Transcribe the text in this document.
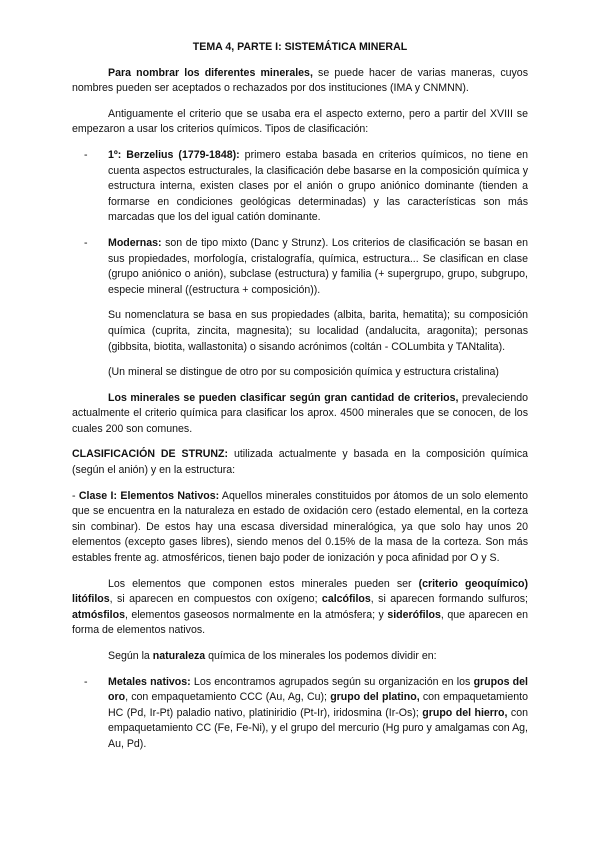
TEMA 4, PARTE I: SISTEMÁTICA MINERAL

Para nombrar los diferentes minerales, se puede hacer de varias maneras, cuyos nombres pueden ser aceptados o rechazados por dos instituciones (IMA y CNMNN).

Antiguamente el criterio que se usaba era el aspecto externo, pero a partir del XVIII se empezaron a usar los criterios químicos. Tipos de clasificación:

- 1º: Berzelius (1779-1848): primero estaba basada en criterios químicos, no tiene en cuenta aspectos estructurales, la clasificación debe basarse en la composición química y estructura interna, existen clases por el anión o grupo aniónico dominante (tienden a formarse en condiciones geológicas determinadas) y las características son más marcadas que los del igual catión dominante.
- Modernas: son de tipo mixto (Danc y Strunz). Los criterios de clasificación se basan en sus propiedades, morfología, cristalografía, química, estructura... Se clasifican en clase (grupo aniónico o anión), subclase (estructura) y familia (+ supergrupo, grupo, subgrupo, especie mineral ((estructura + composición)).

Su nomenclatura se basa en sus propiedades (albita, barita, hematita); su composición química (cuprita, zincita, magnesita); su localidad (andalucita, aragonita); personas (gibbsita, biotita, wallastonita) o sisando acrónimos (coltán - COLumbita y TANtalita).

(Un mineral se distingue de otro por su composición química y estructura cristalina)

Los minerales se pueden clasificar según gran cantidad de criterios, prevaleciendo actualmente el criterio química para clasificar los aprox. 4500 minerales que se conocen, de los cuales 200 son comunes.

CLASIFICACIÓN DE STRUNZ: utilizada actualmente y basada en la composición química (según el anión) y en la estructura:

- Clase I: Elementos Nativos: Aquellos minerales constituidos por átomos de un solo elemento que se encuentra en la naturaleza en estado de oxidación cero (estado elemental, en la corteza sin combinar). De estos hay una escasa diversidad mineralógica, ya que solo hay unos 20 elementos (excepto gases libres), siendo menos del 0.15% de la masa de la corteza. Son más estables frente ag. atmosféricos, tienen bajo poder de ionización y poca afinidad por O y S.

Los elementos que componen estos minerales pueden ser (criterio geoquímico) litófilos, si aparecen en compuestos con oxígeno; calcófilos, si aparecen formando sulfuros; atmósfilos, elementos gaseosos normalmente en la atmósfera; y siderófilos, que aparecen en forma de elementos nativos.

Según la naturaleza química de los minerales los podemos dividir en:

- Metales nativos: Los encontramos agrupados según su organización en los grupos del oro, con empaquetamiento CCC (Au, Ag, Cu); grupo del platino, con empaquetamiento HC (Pd, Ir-Pt) paladio nativo, platiniridio (Pt-Ir), iridosmina (Ir-Os); grupo del hierro, con empaquetamiento CC (Fe, Fe-Ni), y el grupo del mercurio (Hg puro y amalgamas con Ag, Au, Pd).
